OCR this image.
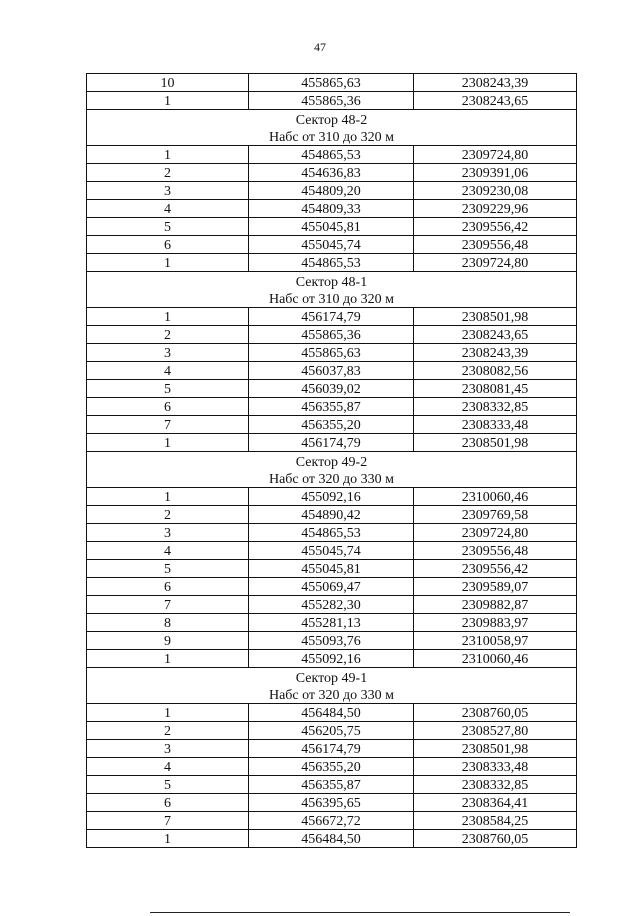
47
10	455865,63	2308243,39
1	455865,36	2308243,65
Сектор 48-2		
Набс от 310 до 320 м		
1	454865,53	2309724,80
2	454636,83	2309391,06
3	454809,20	2309230,08
4	454809,33	2309229,96
5	455045,81	2309556,42
6	455045,74	2309556,48
1	454865,53	2309724,80
Сектор 48-1		
Набс от 310 до 320 м		
1	456174,79	2308501,98
2	455865,36	2308243,65
3	455865,63	2308243,39
4	456037,83	2308082,56
5	456039,02	2308081,45
6	456355,87	2308332,85
7	456355,20	2308333,48
1	456174,79	2308501,98
Сектор 49-2		
Набс от 320 до 330 м		
1	455092,16	2310060,46
2	454890,42	2309769,58
3	454865,53	2309724,80
4	455045,74	2309556,48
5	455045,81	2309556,42
6	455069,47	2309589,07
7	455282,30	2309882,87
8	455281,13	2309883,97
9	455093,76	2310058,97
1	455092,16	2310060,46
Сектор 49-1		
Набс от 320 до 330 м		
1	456484,50	2308760,05
2	456205,75	2308527,80
3	456174,79	2308501,98
4	456355,20	2308333,48
5	456355,87	2308332,85
6	456395,65	2308364,41
7	456672,72	2308584,25
1	456484,50	2308760,05
